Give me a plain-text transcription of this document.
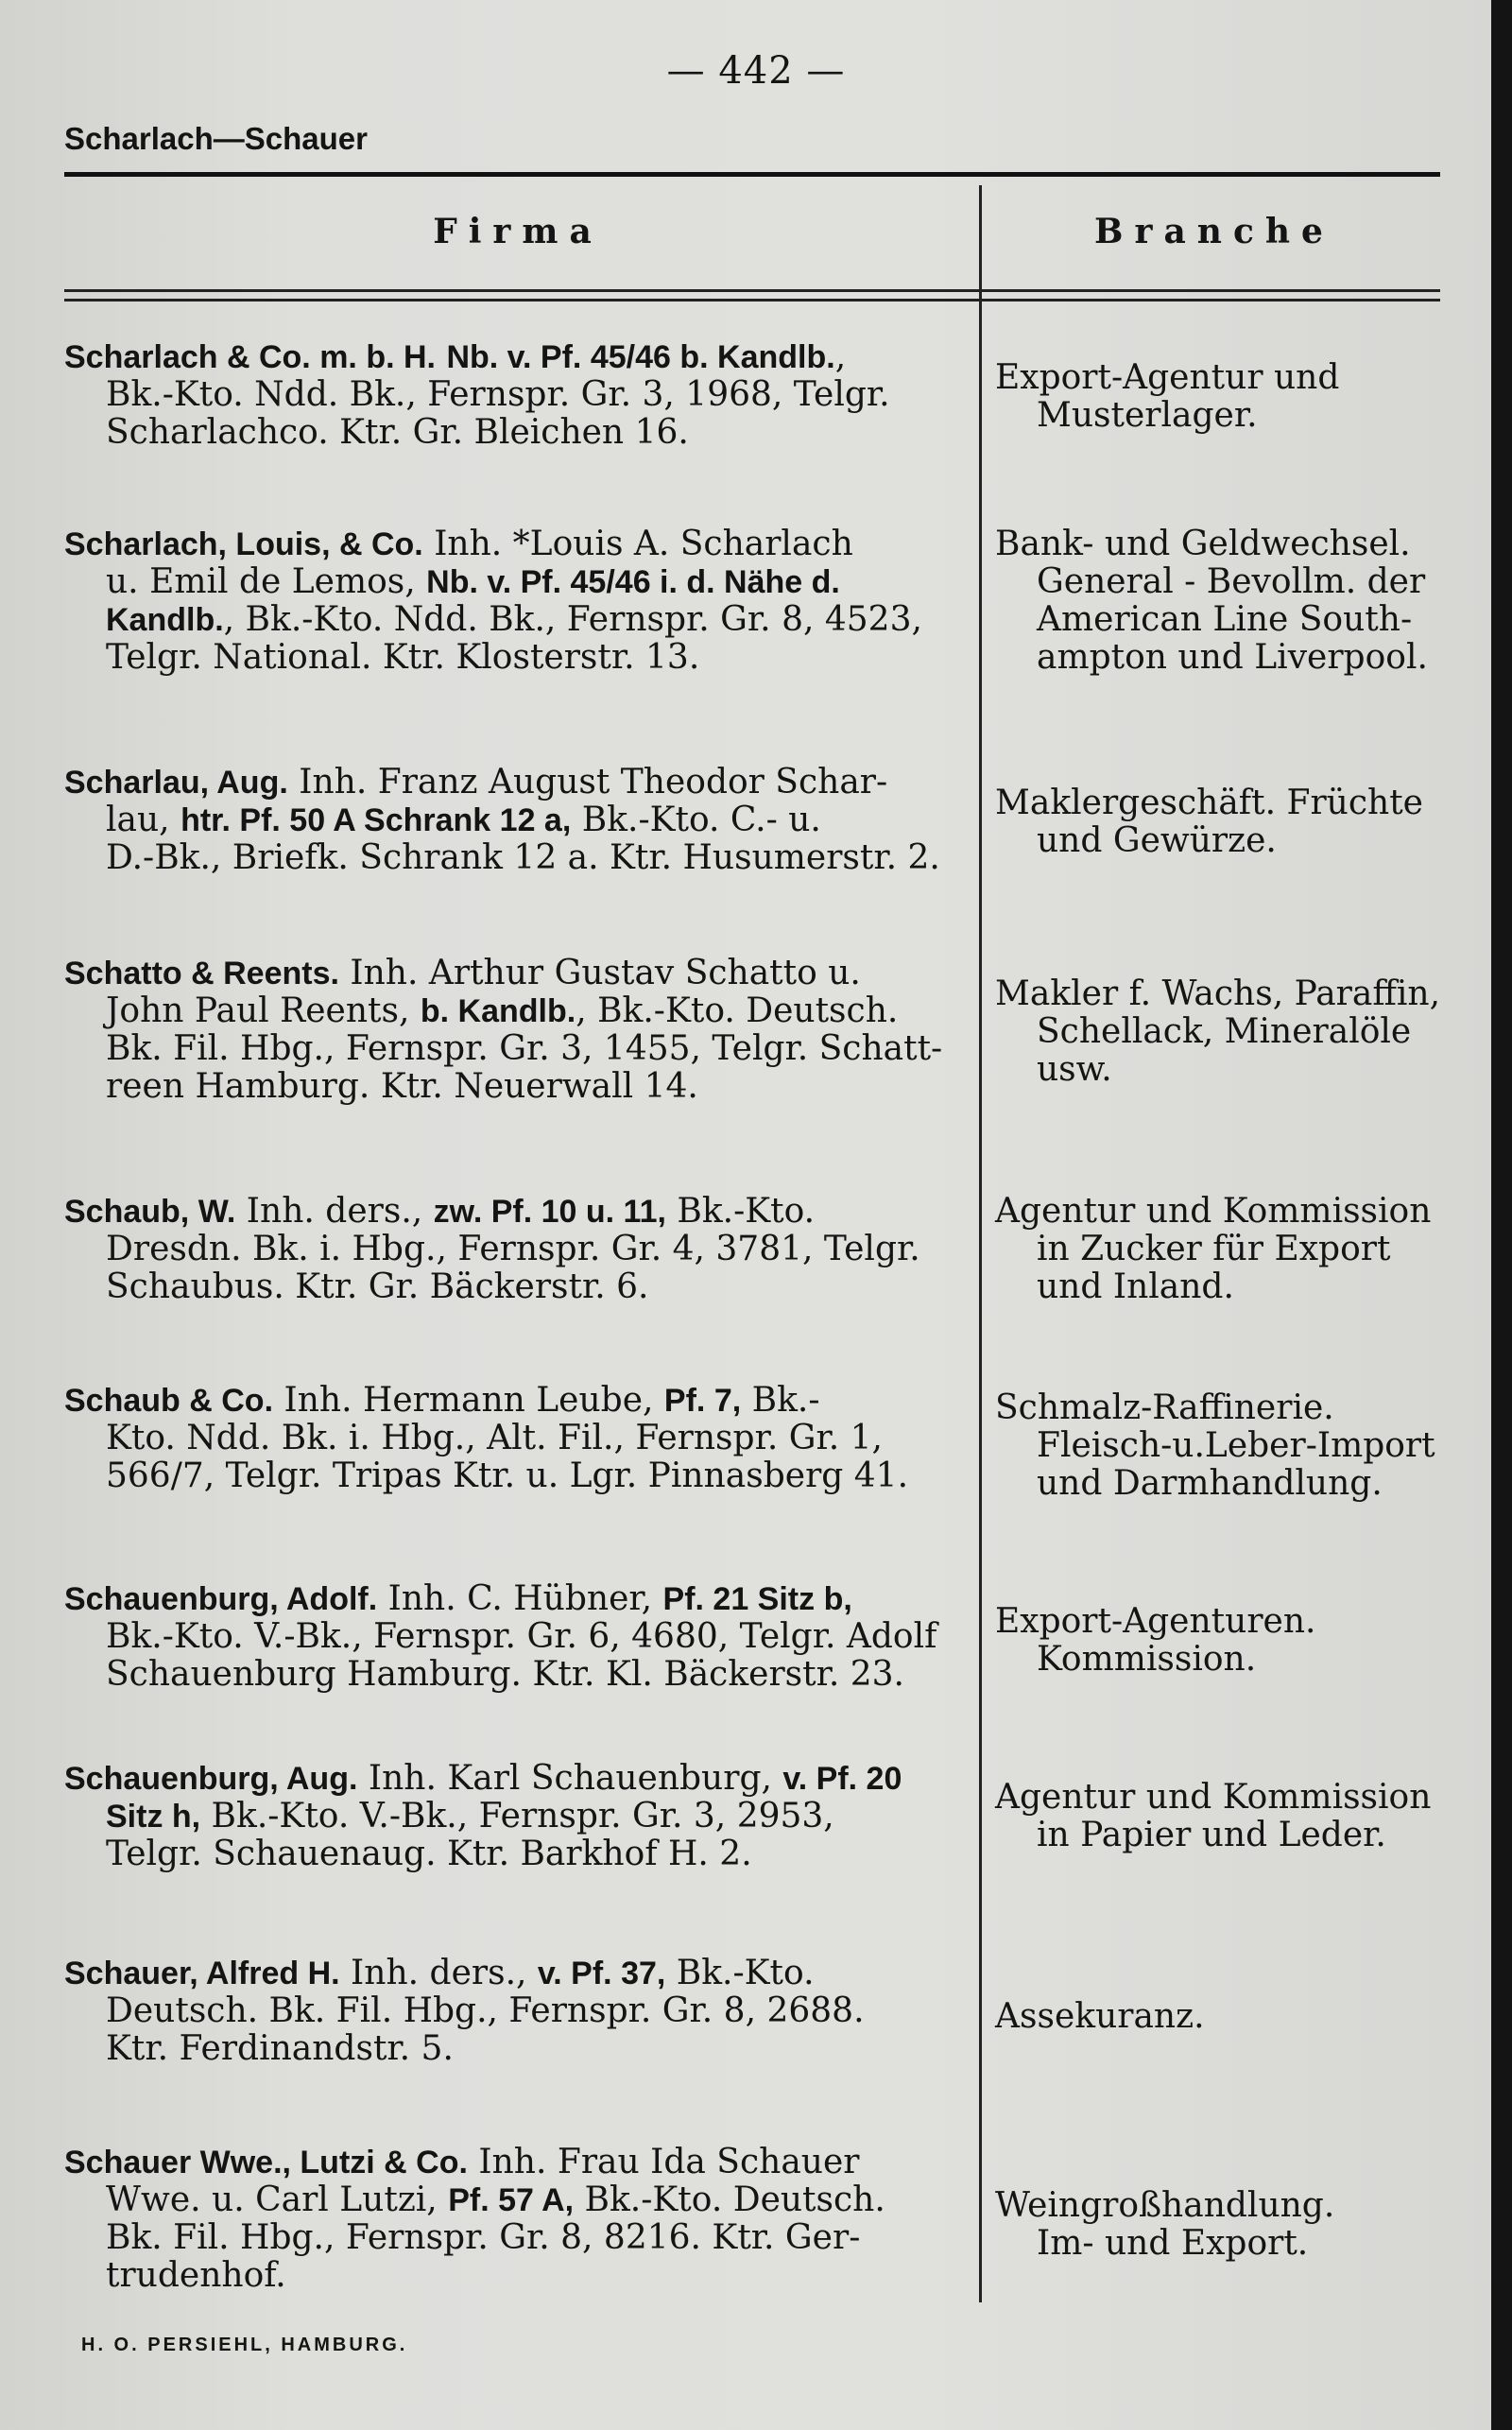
— 442 —
Scharlach—Schauer
Firma	Branche
Scharlach & Co. m. b. H. Nb. v. Pf. 45/46 b. Kandlb.,
Bk.-Kto. Ndd. Bk., Fernspr. Gr. 3, 1968, Telgr.
Scharlachco. Ktr. Gr. Bleichen 16.
Export-Agentur und
Musterlager.
Scharlach, Louis, & Co. Inh. *Louis A. Scharlach
u. Emil de Lemos, Nb. v. Pf. 45/46 i. d. Nähe d.
Kandlb., Bk.-Kto. Ndd. Bk., Fernspr. Gr. 8, 4523,
Telgr. National. Ktr. Klosterstr. 13.
Bank- und Geldwechsel.
General - Bevollm. der
American Line South-
ampton und Liverpool.
Scharlau, Aug. Inh. Franz August Theodor Schar-
lau, htr. Pf. 50 A Schrank 12 a, Bk.-Kto. C.- u.
D.-Bk., Briefk. Schrank 12 a. Ktr. Husumerstr. 2.
Maklergeschäft. Früchte
und Gewürze.
Schatto & Reents. Inh. Arthur Gustav Schatto u.
John Paul Reents, b. Kandlb., Bk.-Kto. Deutsch.
Bk. Fil. Hbg., Fernspr. Gr. 3, 1455, Telgr. Schatt-
reen Hamburg. Ktr. Neuerwall 14.
Makler f. Wachs, Paraffin,
Schellack, Mineralöle
usw.
Schaub, W. Inh. ders., zw. Pf. 10 u. 11, Bk.-Kto.
Dresdn. Bk. i. Hbg., Fernspr. Gr. 4, 3781, Telgr.
Schaubus. Ktr. Gr. Bäckerstr. 6.
Agentur und Kommission
in Zucker für Export
und Inland.
Schaub & Co. Inh. Hermann Leube, Pf. 7, Bk.-
Kto. Ndd. Bk. i. Hbg., Alt. Fil., Fernspr. Gr. 1,
566/7, Telgr. Tripas Ktr. u. Lgr. Pinnasberg 41.
Schmalz-Raffinerie.
Fleisch-u.Leber-Import
und Darmhandlung.
Schauenburg, Adolf. Inh. C. Hübner, Pf. 21 Sitz b,
Bk.-Kto. V.-Bk., Fernspr. Gr. 6, 4680, Telgr. Adolf
Schauenburg Hamburg. Ktr. Kl. Bäckerstr. 23.
Export-Agenturen.
Kommission.
Schauenburg, Aug. Inh. Karl Schauenburg, v. Pf. 20
Sitz h, Bk.-Kto. V.-Bk., Fernspr. Gr. 3, 2953,
Telgr. Schauenaug. Ktr. Barkhof H. 2.
Agentur und Kommission
in Papier und Leder.
Schauer, Alfred H. Inh. ders., v. Pf. 37, Bk.-Kto.
Deutsch. Bk. Fil. Hbg., Fernspr. Gr. 8, 2688.
Ktr. Ferdinandstr. 5.
Assekuranz.
Schauer Wwe., Lutzi & Co. Inh. Frau Ida Schauer
Wwe. u. Carl Lutzi, Pf. 57 A, Bk.-Kto. Deutsch.
Bk. Fil. Hbg., Fernspr. Gr. 8, 8216. Ktr. Ger-
trudenhof.
Weingroßhandlung.
Im- und Export.
H. O. PERSIEHL, HAMBURG.
